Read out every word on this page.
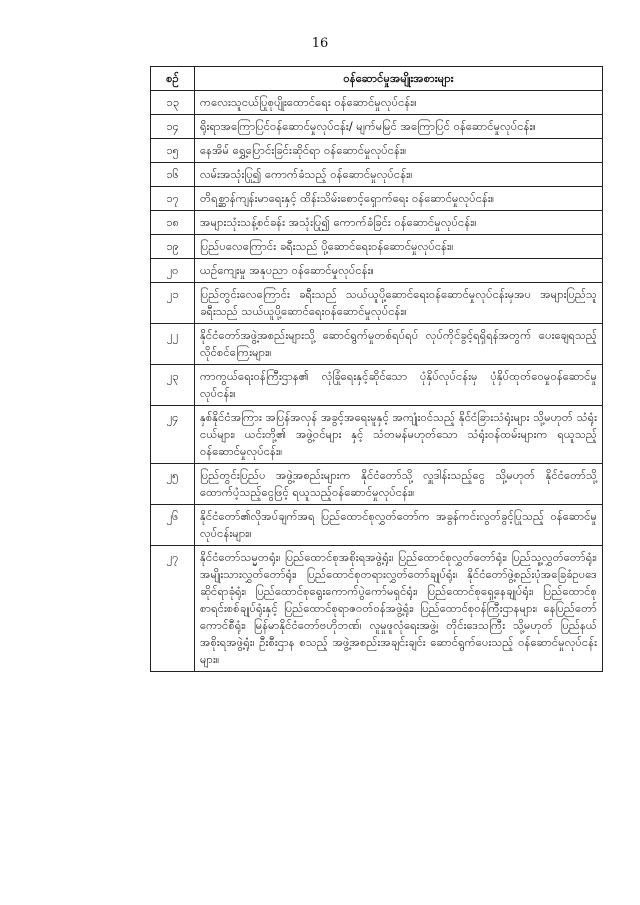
16
စဉ်	ဝန်ဆောင်မှုအမျိုးအစားများ
၁၃	ကလေးသူငယ်ပြုစုပျိုးထောင်ရေး ဝန်ဆောင်မှုလုပ်ငန်း။
၁၄	ရိုးရာအကြောပြင်ဝန်ဆောင်မှုလုပ်ငန်း/ မျက်မမြင် အကြောပြင် ဝန်ဆောင်မှုလုပ်ငန်း။
၁၅	နေအိမ် ရွှေ့ပြောင်းခြင်းဆိုင်ရာ ဝန်ဆောင်မှုလုပ်ငန်း။
၁၆	လမ်းအသုံးပြု၍ ကောက်ခံသည့် ဝန်ဆောင်မှုလုပ်ငန်း။
၁၇	တိရစ္ဆာန်ကျန်းမာရေးနှင့် ထိန်းသိမ်းစောင့်ရှောက်ရေး ဝန်ဆောင်မှုလုပ်ငန်း။
၁၈	အများသုံးသန့်စင်ခန်း အသုံးပြု၍ ကောက်ခံခြင်း ဝန်ဆောင်မှုလုပ်ငန်း။
၁၉	ပြည်ပလေကြောင်း ခရီးသည် ပို့ဆောင်ရေးဝန်ဆောင်မှုလုပ်ငန်း။
၂၀	ယဉ်ကျေးမှု အနုပညာ ဝန်ဆောင်မှုလုပ်ငန်း။
၂၁	ပြည်တွင်းလေကြောင်း ခရီးသည် သယ်ယူပို့ဆောင်ရေးဝန်ဆောင်မှုလုပ်ငန်းမှအပ အများပြည်သူခရီးသည် သယ်ယူပို့ဆောင်ရေးဝန်ဆောင်မှုလုပ်ငန်း။
၂၂	နိုင်ငံတော်အဖွဲ့အစည်းများသို့ ဆောင်ရွက်မှုတစ်ရပ်ရပ် လုပ်ကိုင်ခွင့်ရရှိရန်အတွက် ပေးချေရသည့် လိုင်စင်ကြေးများ။
၂၃	ကာကွယ်ရေးဝန်ကြီးဌာန၏ လုံခြုံရေးနှင့်ဆိုင်သော ပုံနှိပ်လုပ်ငန်းမှ ပုံနှိပ်ထုတ်ဝေမှုဝန်ဆောင်မှုလုပ်ငန်း။
၂၄	နှစ်နိုင်ငံအကြား အပြန်အလှန် အခွင့်အရေးမူနှင့် အကျုံးဝင်သည့် နိုင်ငံခြားသံရုံးများ သို့မဟုတ် သံရုံးငယ်များ၊ ယင်းတို့၏ အဖွဲ့ဝင်များ နှင့် သံတမန်မဟုတ်သော သံရုံးဝန်ထမ်းများက ရယူသည့်ဝန်ဆောင်မှုလုပ်ငန်း။
၂၅	ပြည်တွင်းပြည်ပ အဖွဲ့အစည်းများက နိုင်ငံတော်သို့ လှူဒါန်းသည့်ငွေ သို့မဟုတ် နိုင်ငံတော်သို့ ထောက်ပံ့သည့်ငွေဖြင့် ရယူသည့်ဝန်ဆောင်မှုလုပ်ငန်း။
၂၆	နိုင်ငံတော်၏လိုအပ်ချက်အရ ပြည်ထောင်စုလွှတ်တော်က အခွန်ကင်းလွတ်ခွင့်ပြုသည့် ဝန်ဆောင်မှုလုပ်ငန်းများ။
၂၇	နိုင်ငံတော်သမ္မတရုံး၊ ပြည်ထောင်စုအစိုးရအဖွဲ့ရုံး၊ ပြည်ထောင်စုလွှတ်တော်ရုံး၊ ပြည်သူ့လွှတ်တော်ရုံး၊ အမျိုးသားလွှတ်တော်ရုံး၊ ပြည်ထောင်စုတရားလွှတ်တော်ချုပ်ရုံး၊ နိုင်ငံတော်ဖွဲ့စည်းပုံအခြေခံဥပဒေဆိုင်ရာခုံရုံး၊ ပြည်ထောင်စုရွေးကောက်ပွဲကော်မရှင်ရုံး၊ ပြည်ထောင်စုရှေ့နေချုပ်ရုံး၊ ပြည်ထောင်စုစာရင်းစစ်ချုပ်ရုံးနှင့် ပြည်ထောင်စုရာဇဝတ်ဝန်အဖွဲ့ရုံး၊ ပြည်ထောင်စုဝန်ကြီးဌာနများ၊ နေပြည်တော်ကောင်စီရုံး၊ မြန်မာနိုင်ငံတော်ဗဟိုဘဏ်၊ လူမှုဖူလုံရေးအဖွဲ့၊ တိုင်းဒေသကြီး သို့မဟုတ် ပြည်နယ်အစိုးရအဖွဲ့ရုံး၊ ဦးစီးဌာန စသည့် အဖွဲ့အစည်းအချင်းချင်း ဆောင်ရွက်ပေးသည့် ဝန်ဆောင်မှုလုပ်ငန်းများ။
